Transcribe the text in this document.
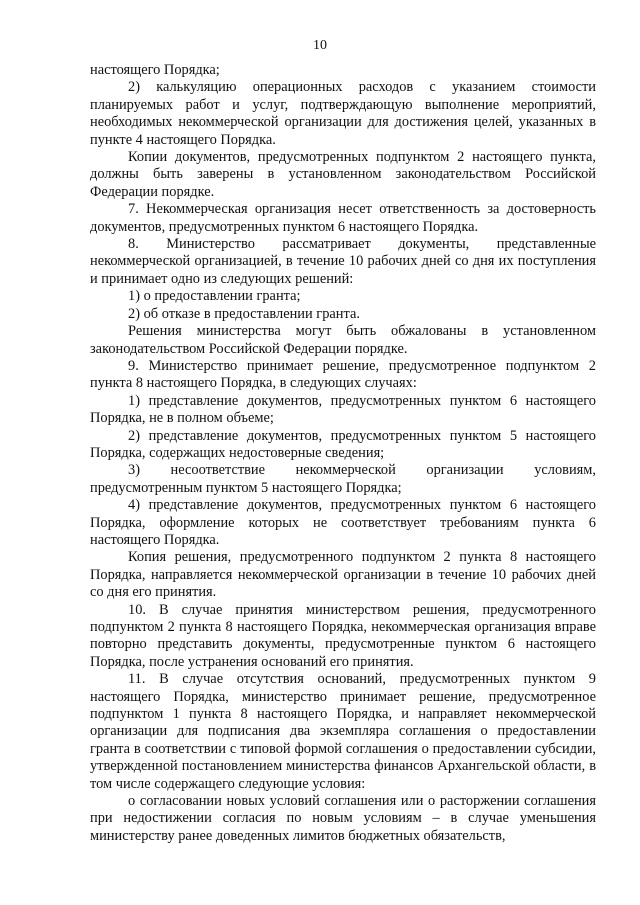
10

настоящего Порядка;

2) калькуляцию операционных расходов с указанием стоимости планируемых работ и услуг, подтверждающую выполнение мероприятий, необходимых некоммерческой организации для достижения целей, указанных в пункте 4 настоящего Порядка.

Копии документов, предусмотренных подпунктом 2 настоящего пункта, должны быть заверены в установленном законодательством Российской Федерации порядке.

7. Некоммерческая организация несет ответственность за достоверность документов, предусмотренных пунктом 6 настоящего Порядка.

8. Министерство рассматривает документы, представленные некоммерческой организацией, в течение 10 рабочих дней со дня их поступления и принимает одно из следующих решений:

1) о предоставлении гранта;

2) об отказе в предоставлении гранта.

Решения министерства могут быть обжалованы в установленном законодательством Российской Федерации порядке.

9. Министерство принимает решение, предусмотренное подпунктом 2 пункта 8 настоящего Порядка, в следующих случаях:

1) представление документов, предусмотренных пунктом 6 настоящего Порядка, не в полном объеме;

2) представление документов, предусмотренных пунктом 5 настоящего Порядка, содержащих недостоверные сведения;

3) несоответствие некоммерческой организации условиям, предусмотренным пунктом 5 настоящего Порядка;

4) представление документов, предусмотренных пунктом 6 настоящего Порядка, оформление которых не соответствует требованиям пункта 6 настоящего Порядка.

Копия решения, предусмотренного подпунктом 2 пункта 8 настоящего Порядка, направляется некоммерческой организации в течение 10 рабочих дней со дня его принятия.

10. В случае принятия министерством решения, предусмотренного подпунктом 2 пункта 8 настоящего Порядка, некоммерческая организация вправе повторно представить документы, предусмотренные пунктом 6 настоящего Порядка, после устранения оснований его принятия.

11. В случае отсутствия оснований, предусмотренных пунктом 9 настоящего Порядка, министерство принимает решение, предусмотренное подпунктом 1 пункта 8 настоящего Порядка, и направляет некоммерческой организации для подписания два экземпляра соглашения о предоставлении гранта в соответствии с типовой формой соглашения о предоставлении субсидии, утвержденной постановлением министерства финансов Архангельской области, в том числе содержащего следующие условия:

о согласовании новых условий соглашения или о расторжении соглашения при недостижении согласия по новым условиям – в случае уменьшения министерству ранее доведенных лимитов бюджетных обязательств,
